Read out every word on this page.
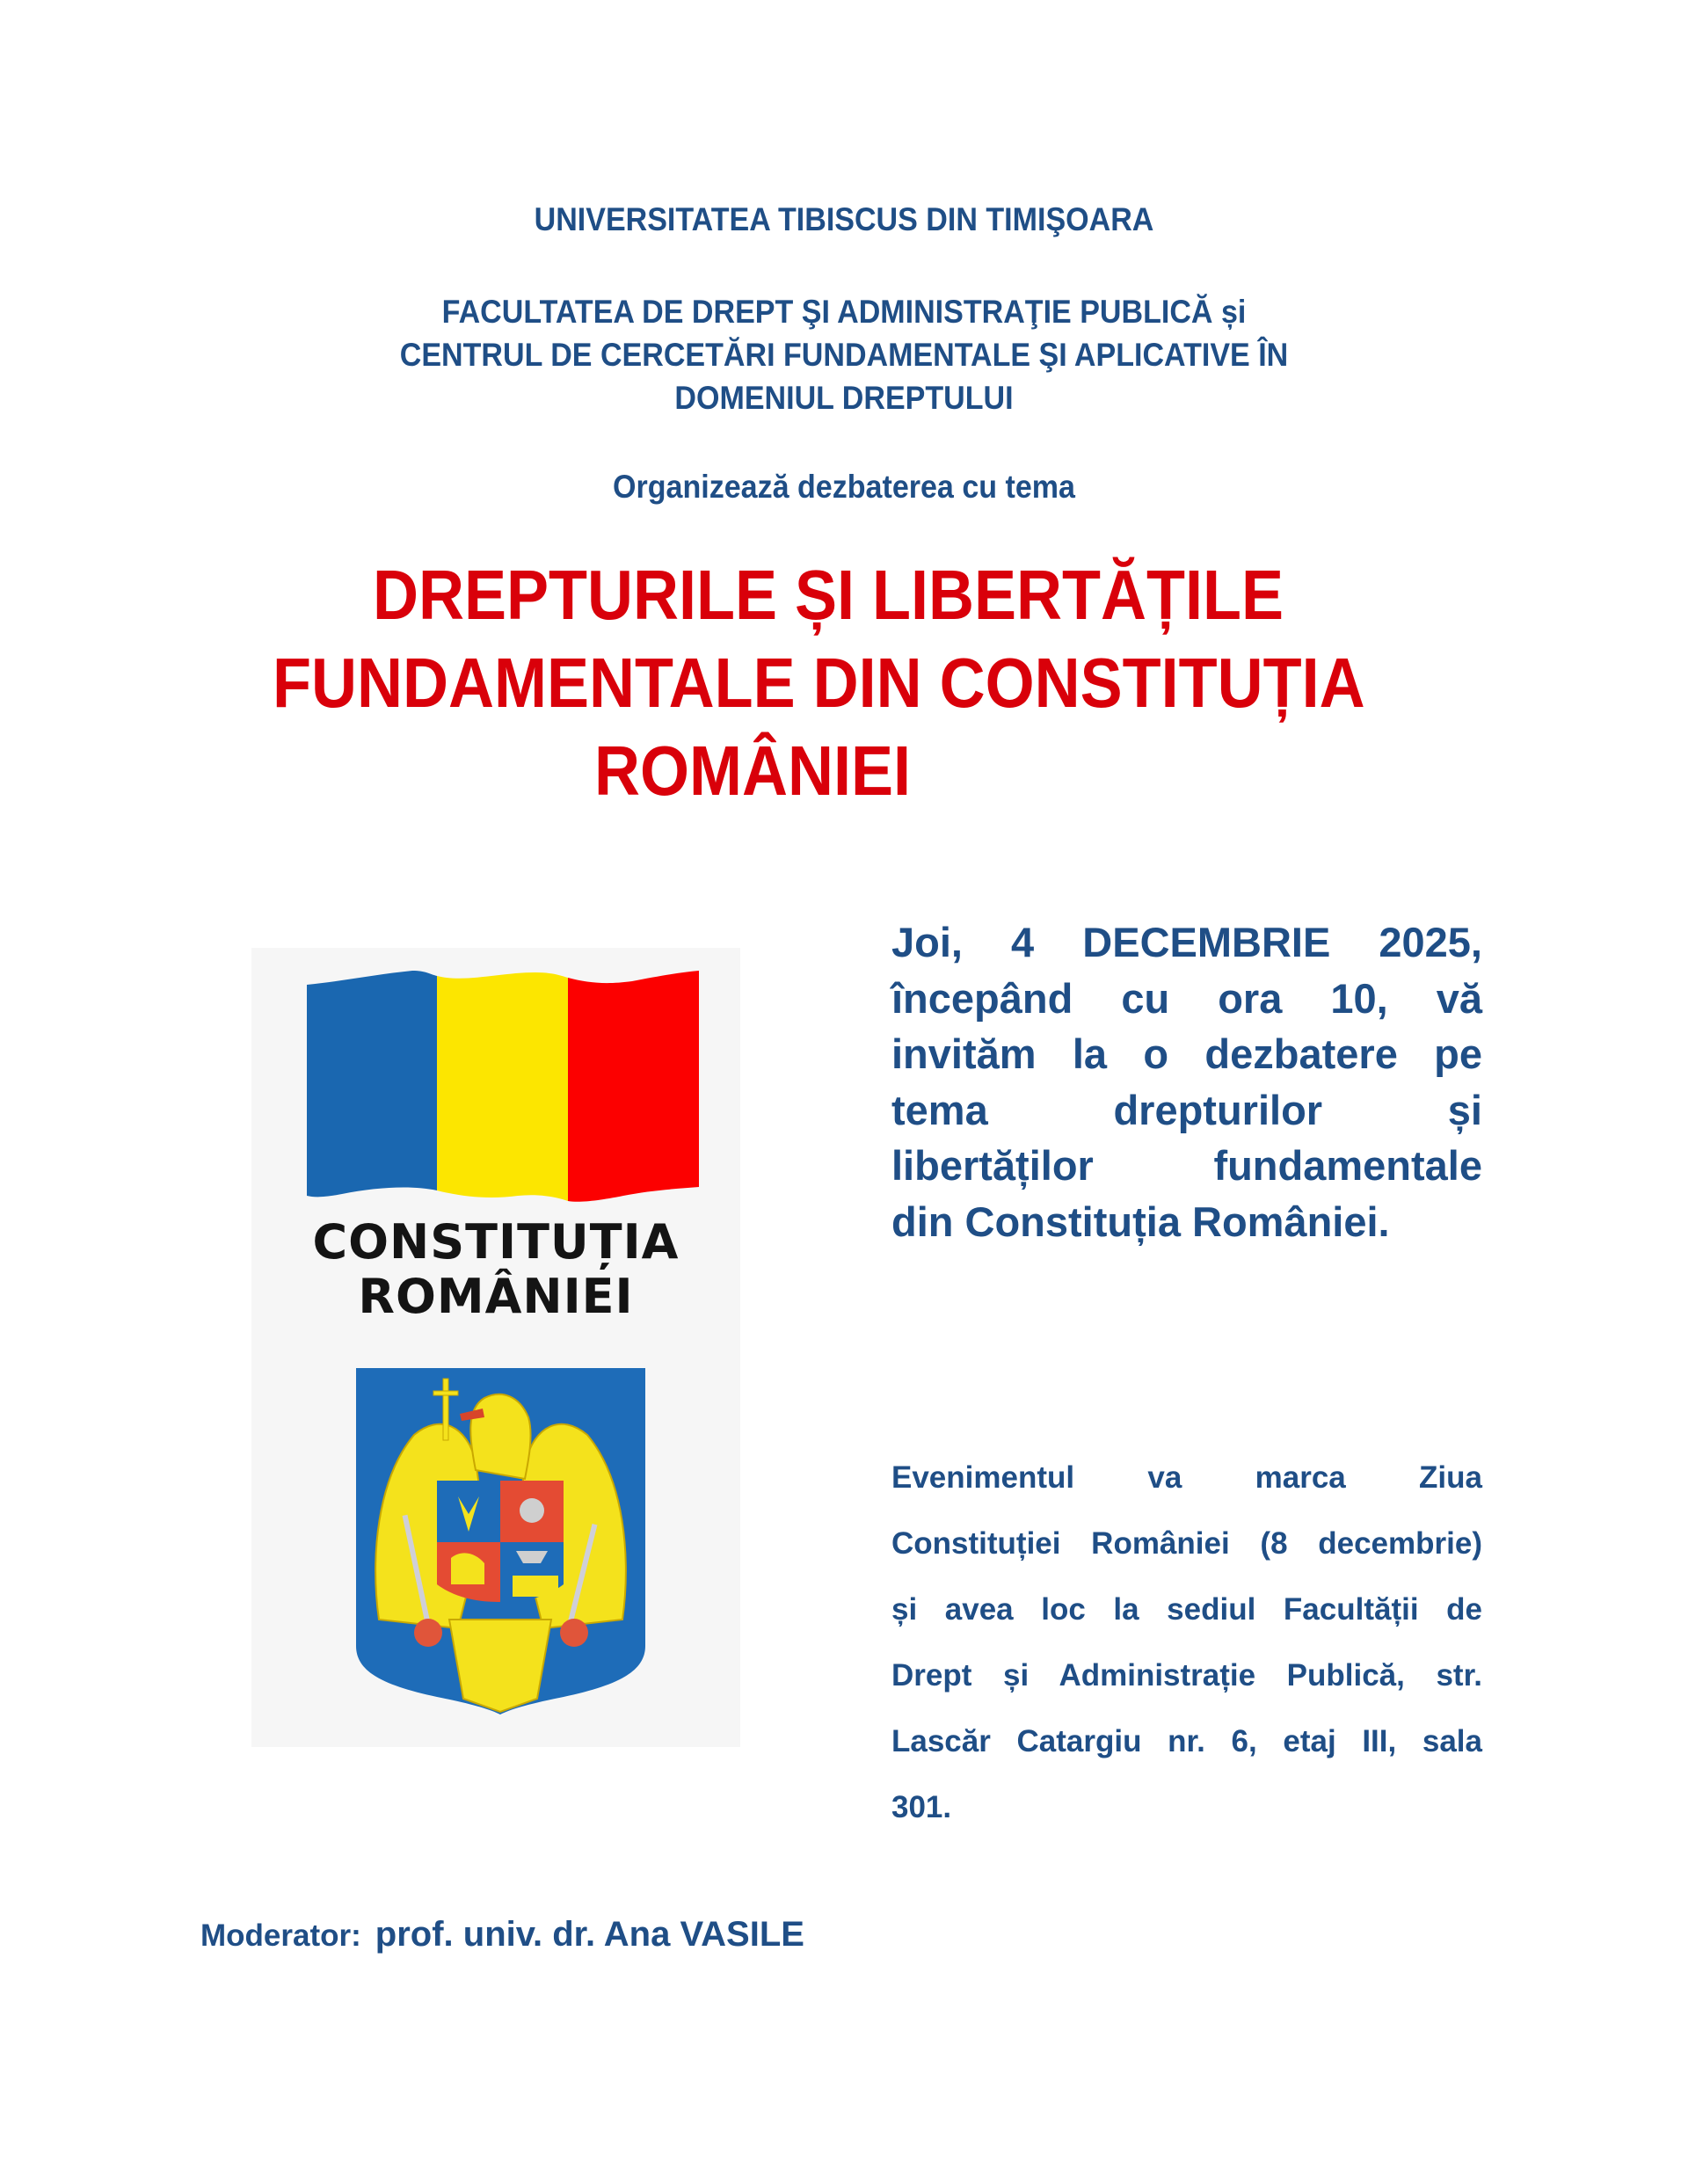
UNIVERSITATEA TIBISCUS DIN TIMIŞOARA
FACULTATEA DE DREPT ŞI ADMINISTRAŢIE PUBLICĂ și
CENTRUL DE CERCETĂRI FUNDAMENTALE ŞI APLICATIVE ÎN
DOMENIUL DREPTULUI
Organizează dezbaterea cu tema
DREPTURILE ȘI LIBERTĂȚILE
FUNDAMENTALE DIN CONSTITUȚIA
ROMÂNIEI
CONSTITUȚIA
ROMÂNIEI
Joi, 4 DECEMBRIE 2025,
începând cu ora 10, vă
invităm la o dezbatere pe
tema drepturilor și
libertăților fundamentale
din Constituția României.
Evenimentul va marca Ziua
Constituției României (8 decembrie)
și avea loc la sediul Facultății de
Drept și Administrație Publică, str.
Lascăr Catargiu nr. 6, etaj III, sala
301.
Moderator: prof. univ. dr. Ana VASILE
